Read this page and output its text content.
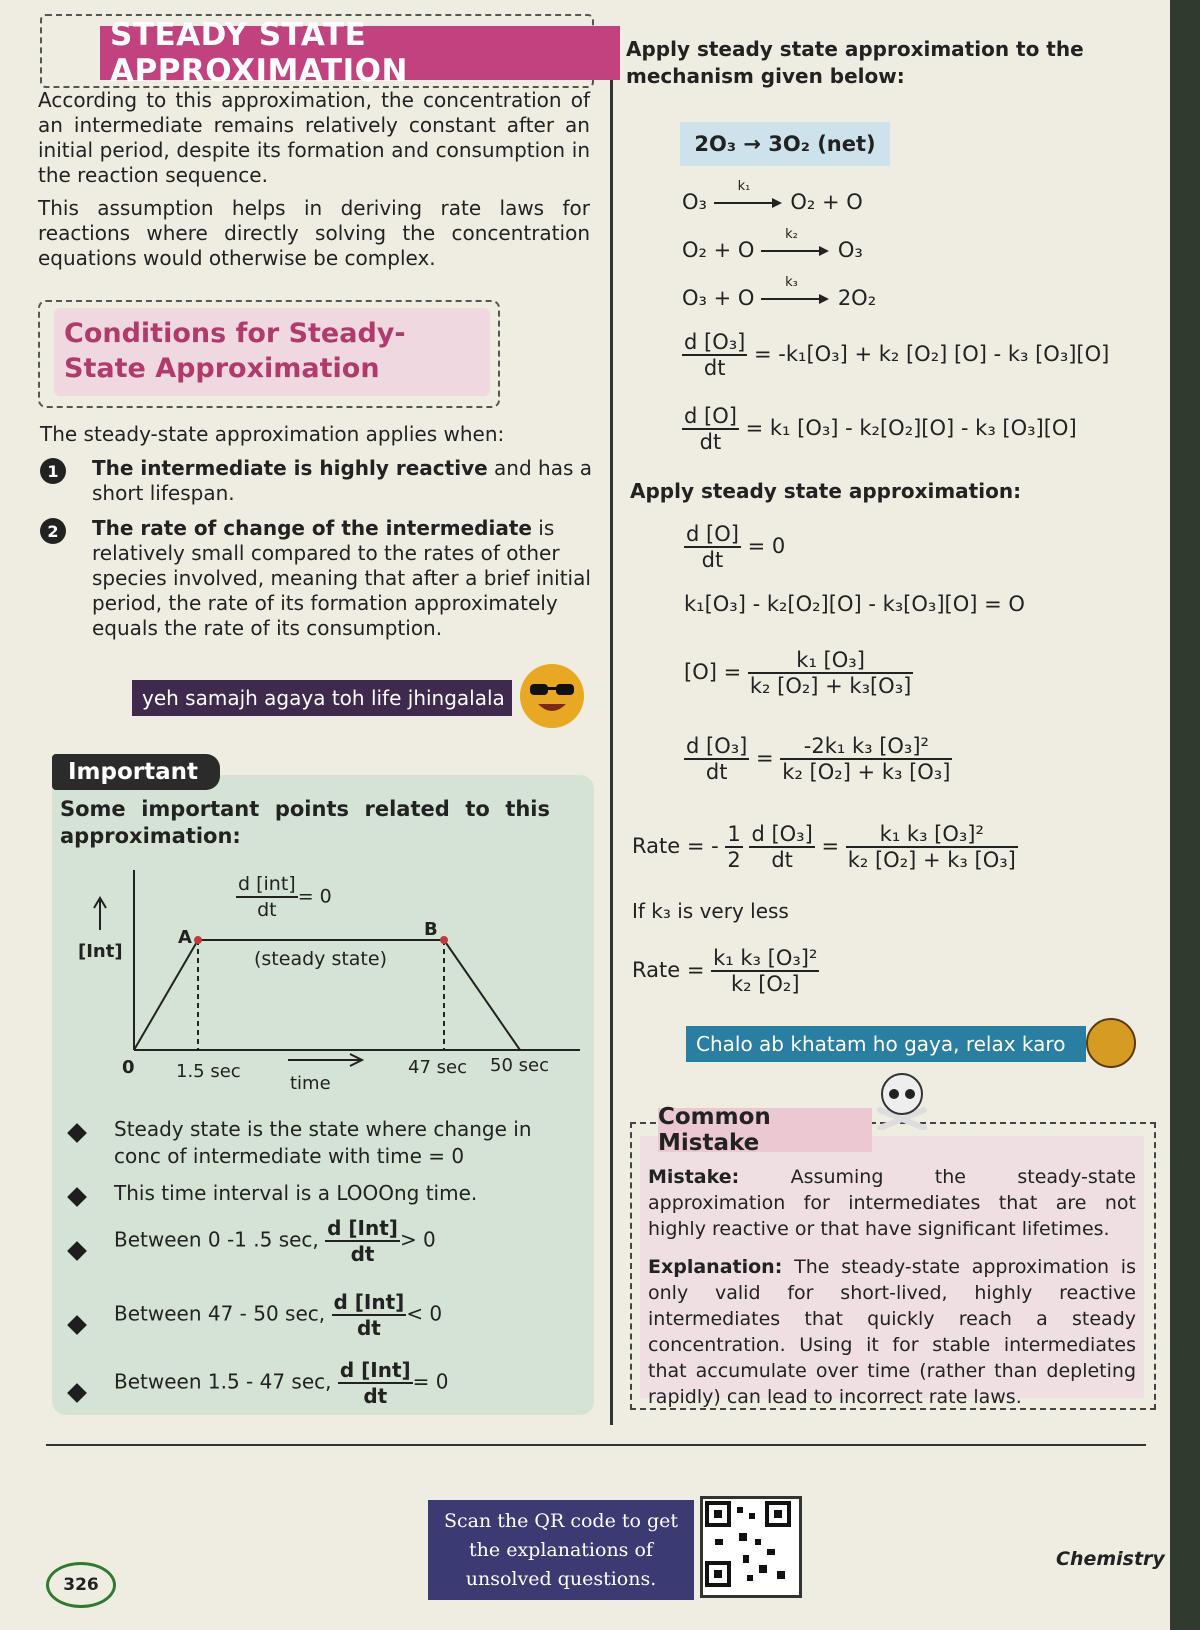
STEADY STATE APPROXIMATION
According to this approximation, the concentration of an intermediate remains relatively constant after an initial period, despite its formation and consumption in the reaction sequence.
This assumption helps in deriving rate laws for reactions where directly solving the concentration equations would otherwise be complex.
Conditions for Steady-State Approximation
The steady-state approximation applies when:
1	The intermediate is highly reactive and has a short lifespan.
2	The rate of change of the intermediate is relatively small compared to the rates of other species involved, meaning that after a brief initial period, the rate of its formation approximately equals the rate of its consumption.
yeh samajh agaya toh life jhingalala
Important
Some important points related to this approximation:
[Int]
A	B
$\frac{\text{d [int]}}{dt} = 0$
(steady state)
0 1.5 sec
time
47 sec 50 sec
Steady state is the state where change in conc of intermediate with time = 0
This time interval is a LOOOng time.
Between 0 -1 .5 sec, $\frac{\text{d [Int]}}{dt} > 0$
Between 47 - 50 sec, $\frac{\text{d [Int]}}{dt} < 0$
Between 1.5 - 47 sec, $\frac{\text{d [Int]}}{dt} = 0$
Apply steady state approximation to the mechanism given below:
2O₃ → 3O₂ (net)
O₃
k₁
O₂ + O
O₂ + O
k₂
O₃
O₃ + O
k₃
2O₂
$\frac{\text{d [O₃]}}{dt} = -k_1[O_3] + k_2$ [O₂] [O] - k₃ [O₃][O]
$\frac{d [O]}{dt} = k_1$ [O₃] - k₂[O₂][O] - k₃ [O₃][O]
Apply steady state approximation:
$\frac{d [O]}{dt} = 0$
k₁[O₃] - k₂[O₂][O] - k₃[O₃][O] = O
$[O] = \frac{\text{k₁ [O₃]}}{\text{k₂ [O₂] + k₃[O₃]}}$
$\frac{\text{d [O₃]}}{dt} = \frac{\text{-2k₁ k₃ [O₃]²}}{\text{k₂ [O₂] + k₃ [O₃]}}$
Rate = - $\frac{1}{2}$
$\frac{\text{d [O₃]}}{dt} = \frac{\text{k₁ k₃ [O₃]²}}{\text{k₂ [O₂] + k₃ [O₃]}}$
If k₃ is very less
Rate = $\frac{\text{k₁ k₃ [O₃]²}}{\text{k₂ [O₂]}}$
Chalo ab khatam ho gaya, relax karo
Common Mistake
Mistake: Assuming the steady-state approximation for intermediates that are not highly reactive or that have significant lifetimes.
Explanation: The steady-state approximation is only valid for short-lived, highly reactive intermediates that quickly reach a steady concentration. Using it for stable intermediates that accumulate over time (rather than depleting rapidly) can lead to incorrect rate laws.
Scan the QR code to get the explanations of unsolved questions.
326
Chemistry
